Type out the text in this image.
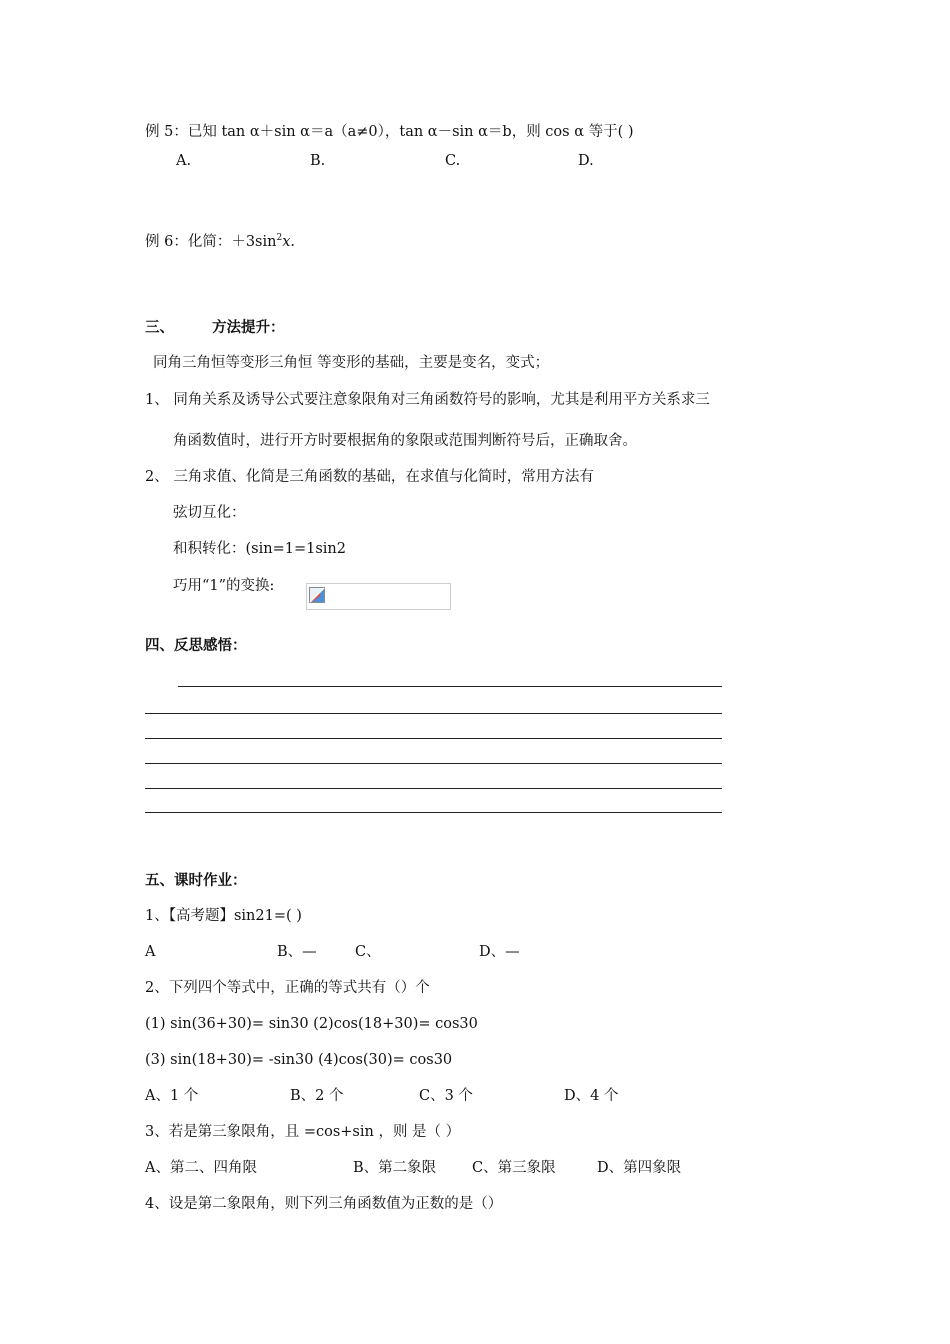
例 5：已知 tan α＋sin α＝a（a≠0），tan α－sin α＝b，则 cos α 等于( )
A.	B.	C.	D.
例 6：化简：$+3\sin^2x$.
三、	方法提升：
同角三角恒等变形三角恒 等变形的基础，主要是变名，变式；
1、 同角关系及诱导公式要注意象限角对三角函数符号的影响，尤其是利用平方关系求三
角函数值时，进行开方时要根据角的象限或范围判断符号后，正确取舍。
2、 三角求值、化简是三角函数的基础，在求值与化简时，常用方法有
弦切互化：
和积转化：(sin=1=1sin2
巧用“1”的变换:
四、反思感悟：
五、课时作业：
1、【高考题】sin21=( )
A	B、—	C、	D、—
2、下列四个等式中，正确的等式共有（）个
(1) sin(36+30)= sin30 (2)cos(18+30)= cos30
(3) sin(18+30)= -sin30 (4)cos(30)= cos30
A、1 个	B、2 个	C、3 个	D、4 个
3、若是第三象限角，且 =cos+sin ，则 是（ ）
A、第二、四角限	B、第二象限 C、第三象限	D、第四象限
4、设是第二象限角，则下列三角函数值为正数的是（）
